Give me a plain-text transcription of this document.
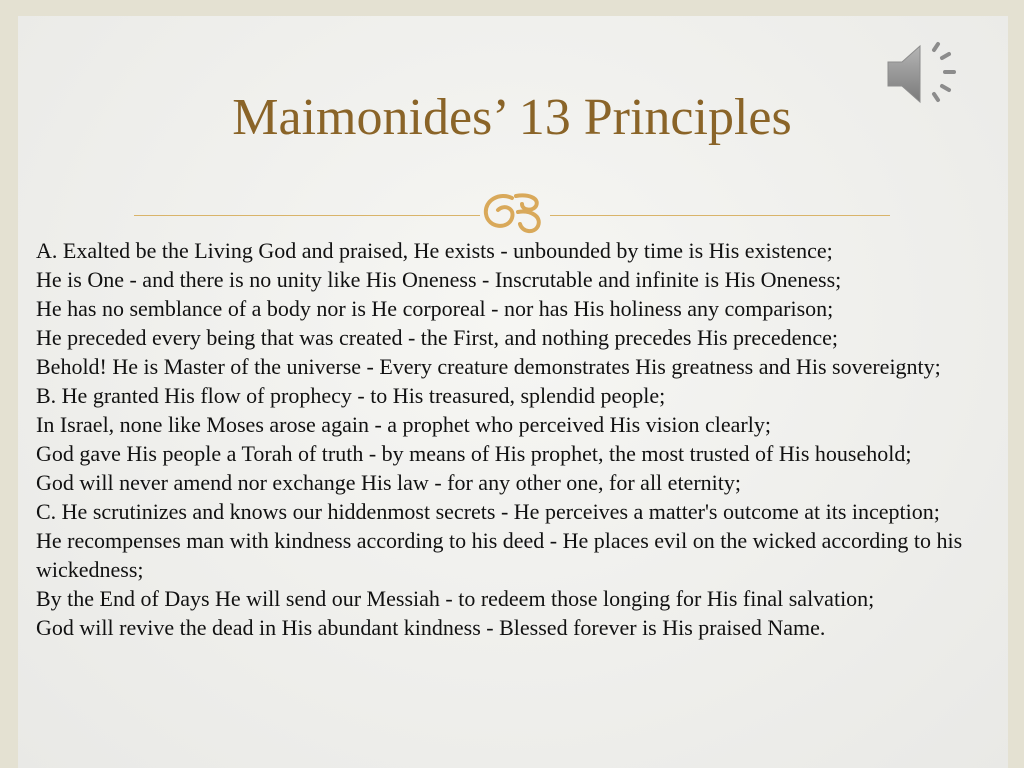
Maimonides’ 13 Principles
A. Exalted be the Living God and praised, He exists - unbounded by time is His existence;
He is One - and there is no unity like His Oneness - Inscrutable and infinite is His Oneness;
He has no semblance of a body nor is He corporeal - nor has His holiness any comparison;
He preceded every being that was created - the First, and nothing precedes His precedence;
Behold! He is Master of the universe - Every creature demonstrates His greatness and His sovereignty;
B. He granted His flow of prophecy - to His treasured, splendid people;
In Israel, none like Moses arose again - a prophet who perceived His vision clearly;
God gave His people a Torah of truth - by means of His prophet, the most trusted of His household;
God will never amend nor exchange His law - for any other one, for all eternity;
C. He scrutinizes and knows our hiddenmost secrets - He perceives a matter's outcome at its inception;
He recompenses man with kindness according to his deed - He places evil on the wicked according to his wickedness;
By the End of Days He will send our Messiah - to redeem those longing for His final salvation;
God will revive the dead in His abundant kindness - Blessed forever is His praised Name.
